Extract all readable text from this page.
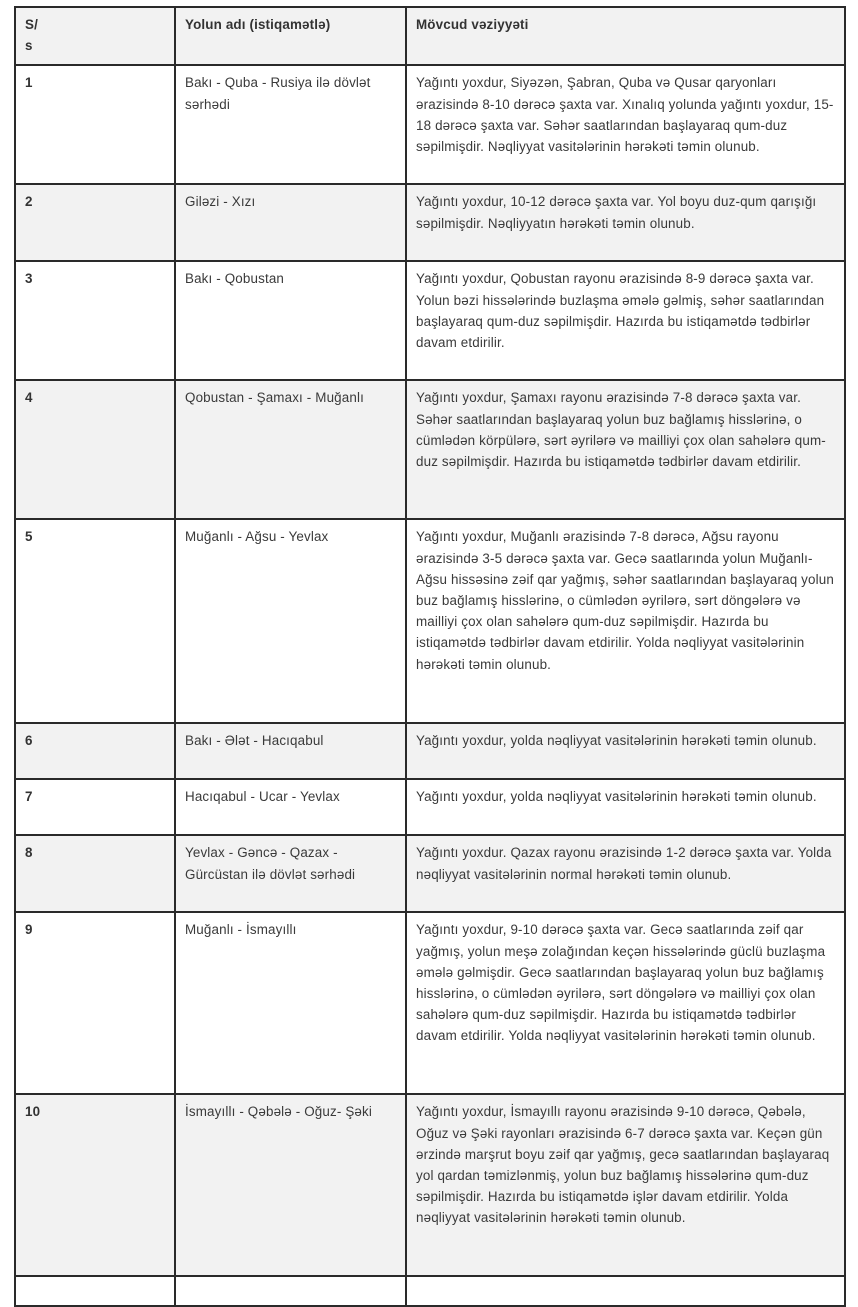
S/
s	Yolun adı (istiqamətlə)	Mövcud vəziyyəti
1	Bakı - Quba - Rusiya ilə dövlət sərhədi	Yağıntı yoxdur, Siyəzən, Şabran, Quba və Qusar qaryonları ərazisində 8-10 dərəcə şaxta var. Xınalıq yolunda yağıntı yoxdur, 15-18 dərəcə şaxta var. Səhər saatlarından başlayaraq qum-duz səpilmişdir. Nəqliyyat vasitələrinin hərəkəti təmin olunub.
2	Giləzi - Xızı	Yağıntı yoxdur, 10-12 dərəcə şaxta var. Yol boyu duz-qum qarışığı səpilmişdir. Nəqliyyatın hərəkəti təmin olunub.
3	Bakı - Qobustan	Yağıntı yoxdur, Qobustan rayonu ərazisində 8-9 dərəcə şaxta var. Yolun bəzi hissələrində buzlaşma əmələ gəlmiş, səhər saatlarından başlayaraq qum-duz səpilmişdir. Hazırda bu istiqamətdə tədbirlər davam etdirilir.
4	Qobustan - Şamaxı - Muğanlı	Yağıntı yoxdur, Şamaxı rayonu ərazisində 7-8 dərəcə şaxta var. Səhər saatlarından başlayaraq yolun buz bağlamış hisslərinə, o cümlədən körpülərə, sərt əyrilərə və mailliyi çox olan sahələrə qum-duz səpilmişdir. Hazırda bu istiqamətdə tədbirlər davam etdirilir.
5	Muğanlı - Ağsu - Yevlax	Yağıntı yoxdur, Muğanlı ərazisində 7-8 dərəcə, Ağsu rayonu ərazisində 3-5 dərəcə şaxta var. Gecə saatlarında yolun Muğanlı-Ağsu hissəsinə zəif qar yağmış, səhər saatlarından başlayaraq yolun buz bağlamış hisslərinə, o cümlədən əyrilərə, sərt döngələrə və mailliyi çox olan sahələrə qum-duz səpilmişdir. Hazırda bu istiqamətdə tədbirlər davam etdirilir. Yolda nəqliyyat vasitələrinin hərəkəti təmin olunub.
6	Bakı - Ələt - Hacıqabul	Yağıntı yoxdur, yolda nəqliyyat vasitələrinin hərəkəti təmin olunub.
7	Hacıqabul - Ucar - Yevlax	Yağıntı yoxdur, yolda nəqliyyat vasitələrinin hərəkəti təmin olunub.
8	Yevlax - Gəncə - Qazax - Gürcüstan ilə dövlət sərhədi	Yağıntı yoxdur. Qazax rayonu ərazisində 1-2 dərəcə şaxta var. Yolda nəqliyyat vasitələrinin normal hərəkəti təmin olunub.
9	Muğanlı - İsmayıllı	Yağıntı yoxdur, 9-10 dərəcə şaxta var. Gecə saatlarında zəif qar yağmış, yolun meşə zolağından keçən hissələrində güclü buzlaşma əmələ gəlmişdir. Gecə saatlarından başlayaraq yolun buz bağlamış hisslərinə, o cümlədən əyrilərə, sərt döngələrə və mailliyi çox olan sahələrə qum-duz səpilmişdir. Hazırda bu istiqamətdə tədbirlər davam etdirilir. Yolda nəqliyyat vasitələrinin hərəkəti təmin olunub.
10	İsmayıllı - Qəbələ - Oğuz- Şəki	Yağıntı yoxdur, İsmayıllı rayonu ərazisində 9-10 dərəcə, Qəbələ, Oğuz və Şəki rayonları ərazisində 6-7 dərəcə şaxta var. Keçən gün ərzində marşrut boyu zəif qar yağmış, gecə saatlarından başlayaraq yol qardan təmizlənmiş, yolun buz bağlamış hissələrinə qum-duz səpilmişdir. Hazırda bu istiqamətdə işlər davam etdirilir. Yolda nəqliyyat vasitələrinin hərəkəti təmin olunub.
